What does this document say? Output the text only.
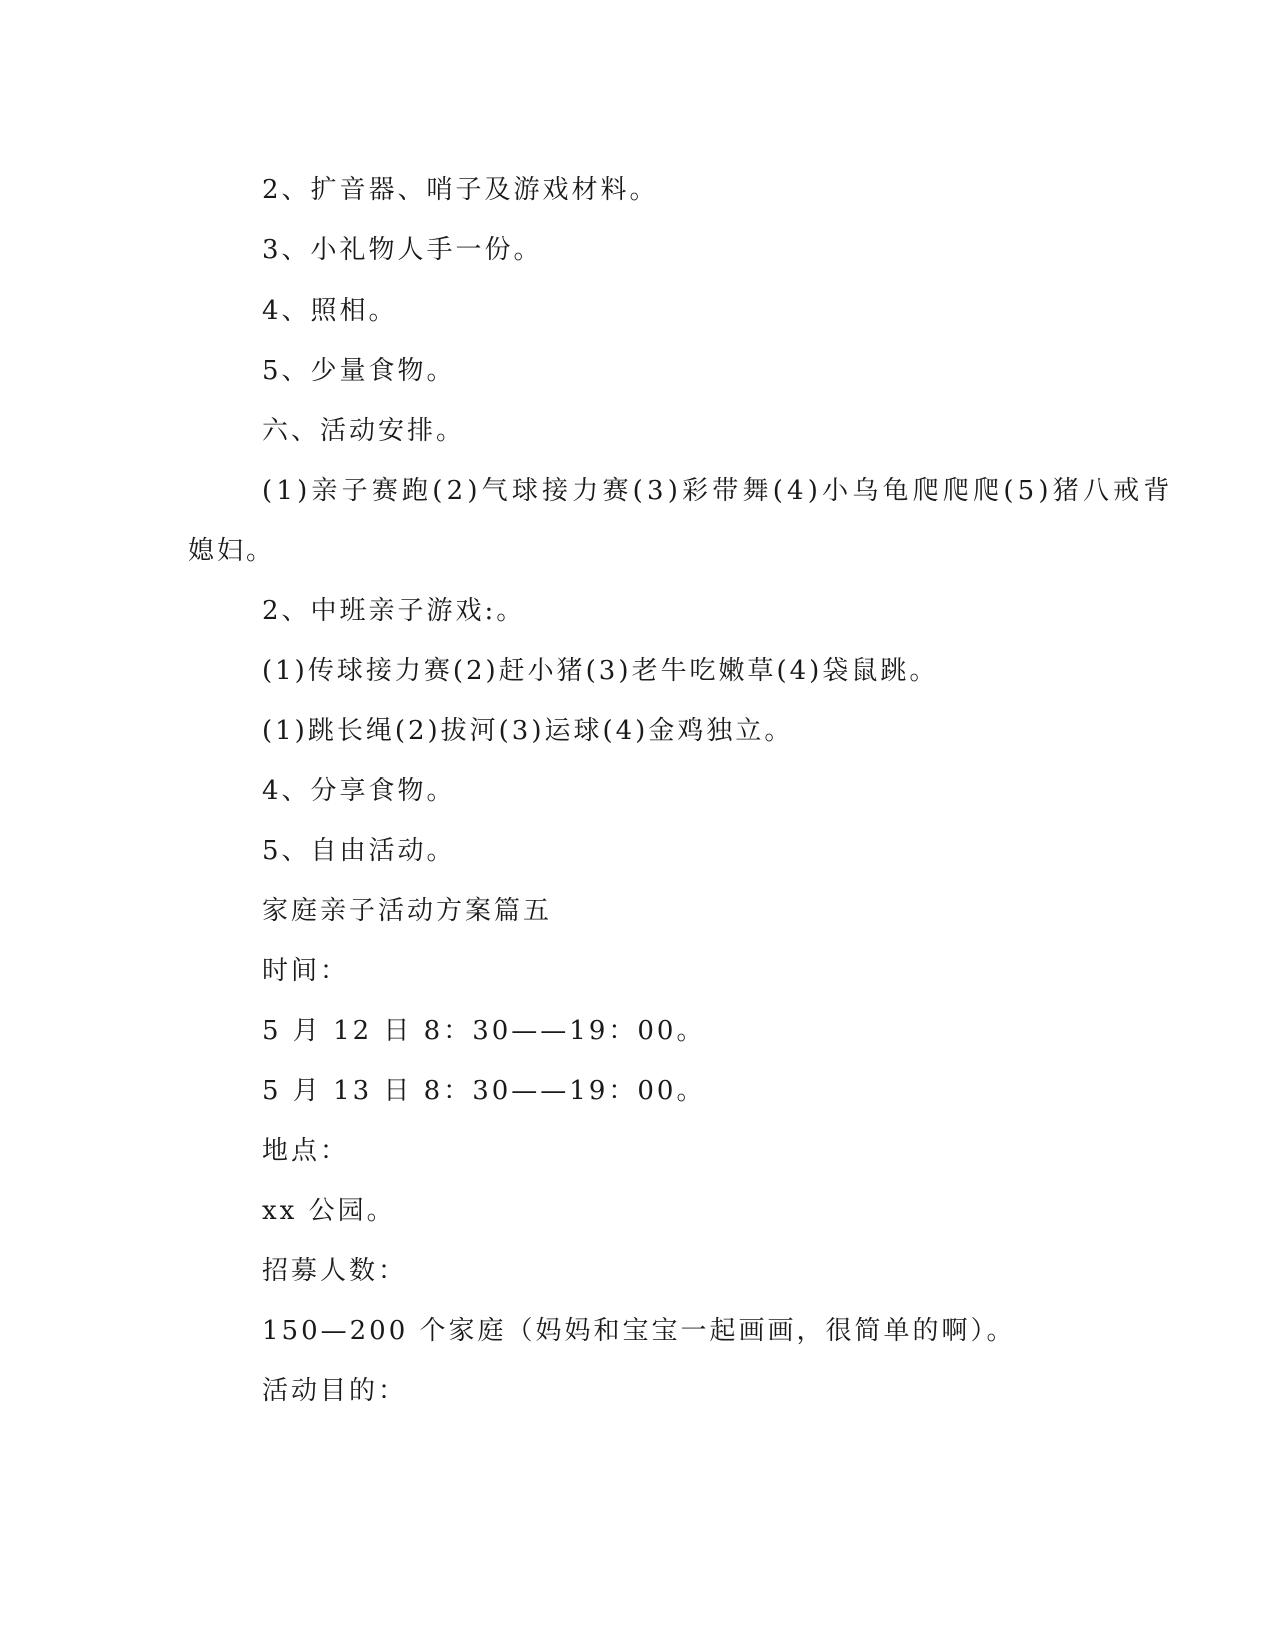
2、扩音器、哨子及游戏材料。

3、小礼物人手一份。

4、照相。

5、少量食物。

六、活动安排。

(1)亲子赛跑(2)气球接力赛(3)彩带舞(4)小乌龟爬爬爬(5)猪八戒背

媳妇。

2、中班亲子游戏:。

(1)传球接力赛(2)赶小猪(3)老牛吃嫩草(4)袋鼠跳。

(1)跳长绳(2)拔河(3)运球(4)金鸡独立。

4、分享食物。

5、自由活动。

家庭亲子活动方案篇五

时间：

5 月 12 日 8：30——19：00。

5 月 13 日 8：30——19：00。

地点：

xx 公园。

招募人数：

150—200 个家庭（妈妈和宝宝一起画画，很简单的啊）。

活动目的：
